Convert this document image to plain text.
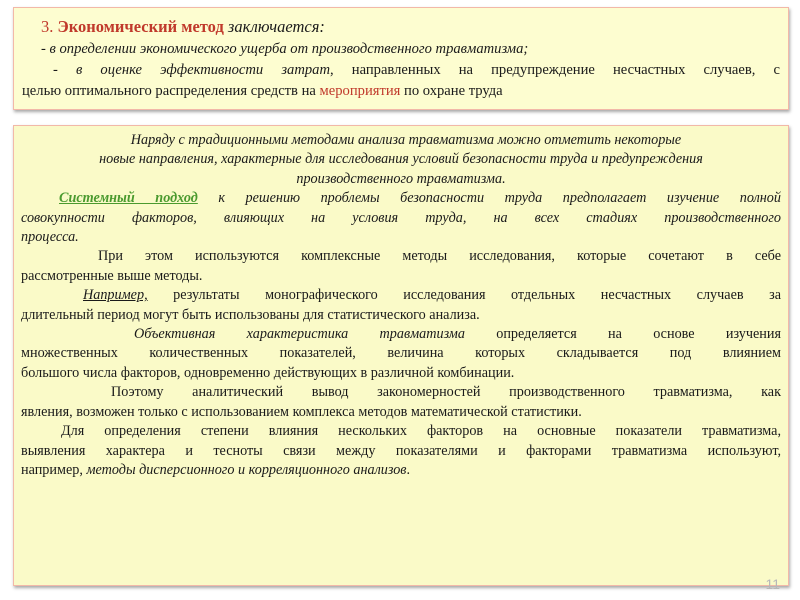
3. Экономический метод заключается:

- в определении экономического ущерба от производственного травматизма;

- в оценке эффективности затрат, направленных на предупреждение несчастных случаев, с

целью оптимального распределения средств на мероприятия по охране труда

Наряду с традиционными методами анализа травматизма можно отметить некоторые

новые направления, характерные для исследования условий безопасности труда и предупреждения

производственного травматизма.

Системный подход к решению проблемы безопасности труда предполагает изучение полной

совокупности факторов, влияющих на условия труда, на всех стадиях производственного

процесса.

При этом используются комплексные методы исследования, которые сочетают в себе

рассмотренные выше методы.

Например, результаты монографического исследования отдельных несчастных случаев за

длительный период могут быть использованы для статистического анализа.

Объективная характеристика травматизма определяется на основе изучения

множественных количественных показателей, величина которых складывается под влиянием

большого числа факторов, одновременно действующих в различной комбинации.

Поэтому аналитический вывод закономерностей производственного травматизма, как

явления, возможен только с использованием комплекса методов математической статистики.

Для определения степени влияния нескольких факторов на основные показатели травматизма,

выявления характера и тесноты связи между показателями и факторами травматизма используют,

например, методы дисперсионного и корреляционного анализов.

11
